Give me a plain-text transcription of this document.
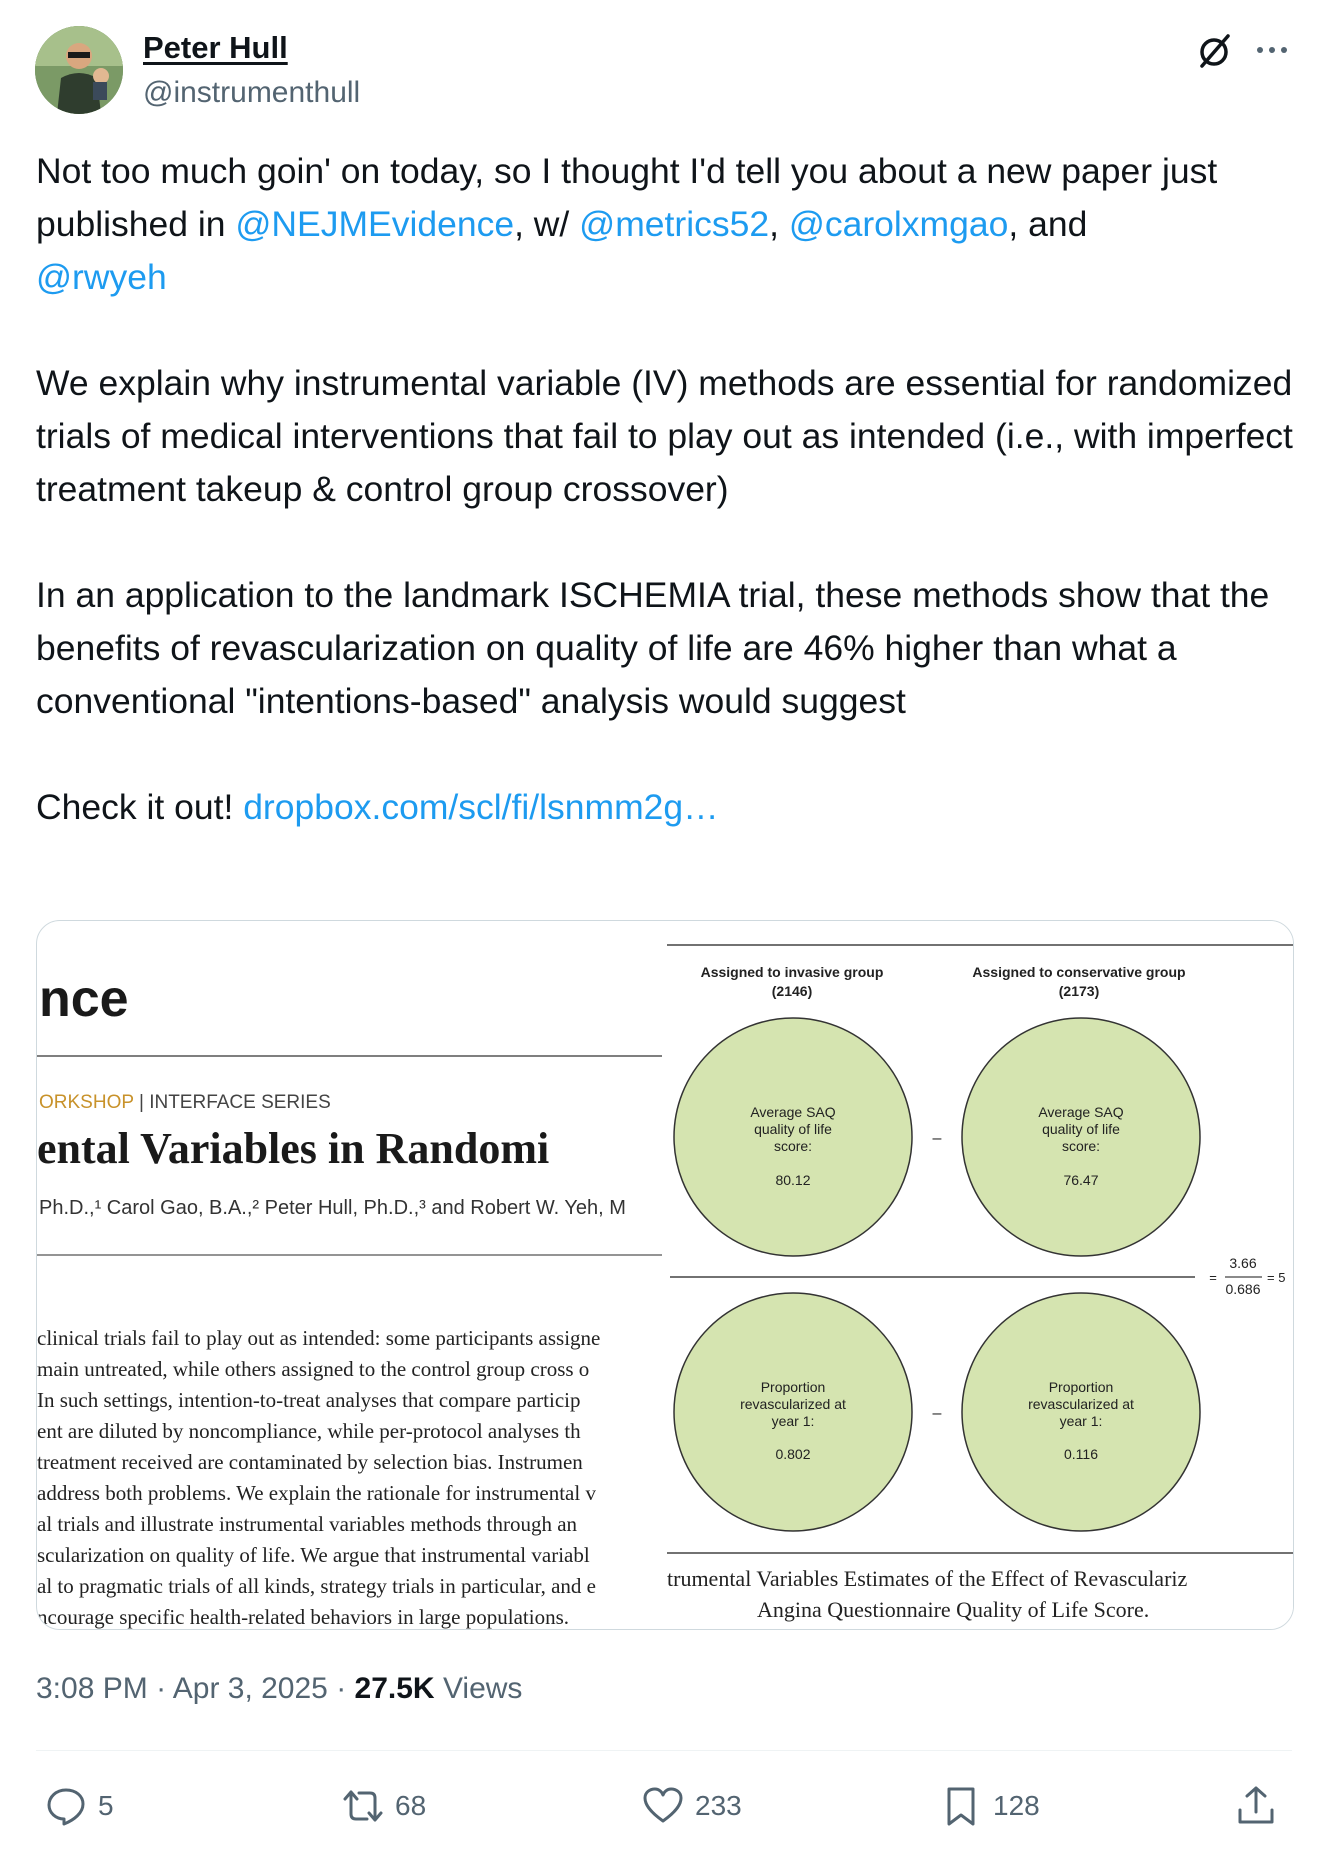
Peter Hull
@instrumenthull

Not too much goin' on today, so I thought I'd tell you about a new paper just published in @NEJMEvidence, w/ @metrics52, @carolxmgao, and
@rwyeh

We explain why instrumental variable (IV) methods are essential for randomized trials of medical interventions that fail to play out as intended (i.e., with imperfect treatment takeup & control group crossover)

In an application to the landmark ISCHEMIA trial, these methods show that the benefits of revascularization on quality of life are 46% higher than what a conventional "intentions-based" analysis would suggest

Check it out! dropbox.com/scl/fi/lsnmm2g…

nce
ORKSHOP | INTERFACE SERIES
ental Variables in Randomi
Ph.D.,¹ Carol Gao, B.A.,² Peter Hull, Ph.D.,³ and Robert W. Yeh, M
clinical trials fail to play out as intended: some participants assigne
main untreated, while others assigned to the control group cross o
In such settings, intention-to-treat analyses that compare particip
ent are diluted by noncompliance, while per-protocol analyses th
treatment received are contaminated by selection bias. Instrumen
address both problems. We explain the rationale for instrumental v
al trials and illustrate instrumental variables methods through an
scularization on quality of life. We argue that instrumental variabl
al to pragmatic trials of all kinds, strategy trials in particular, and e
ncourage specific health-related behaviors in large populations.
Assigned to invasive group
(2146)
Assigned to conservative group
(2173)
Average SAQ
quality of life
score:
80.12
Average SAQ
quality of life
score:
76.47
–
=
3.66
0.686
= 5
Proportion
revascularized at
year 1:
0.802
Proportion
revascularized at
year 1:
0.116
–
trumental Variables Estimates of the Effect of Revasculariz
Angina Questionnaire Quality of Life Score.
3:08 PM · Apr 3, 2025 · 27.5K Views
5	68	233	128
